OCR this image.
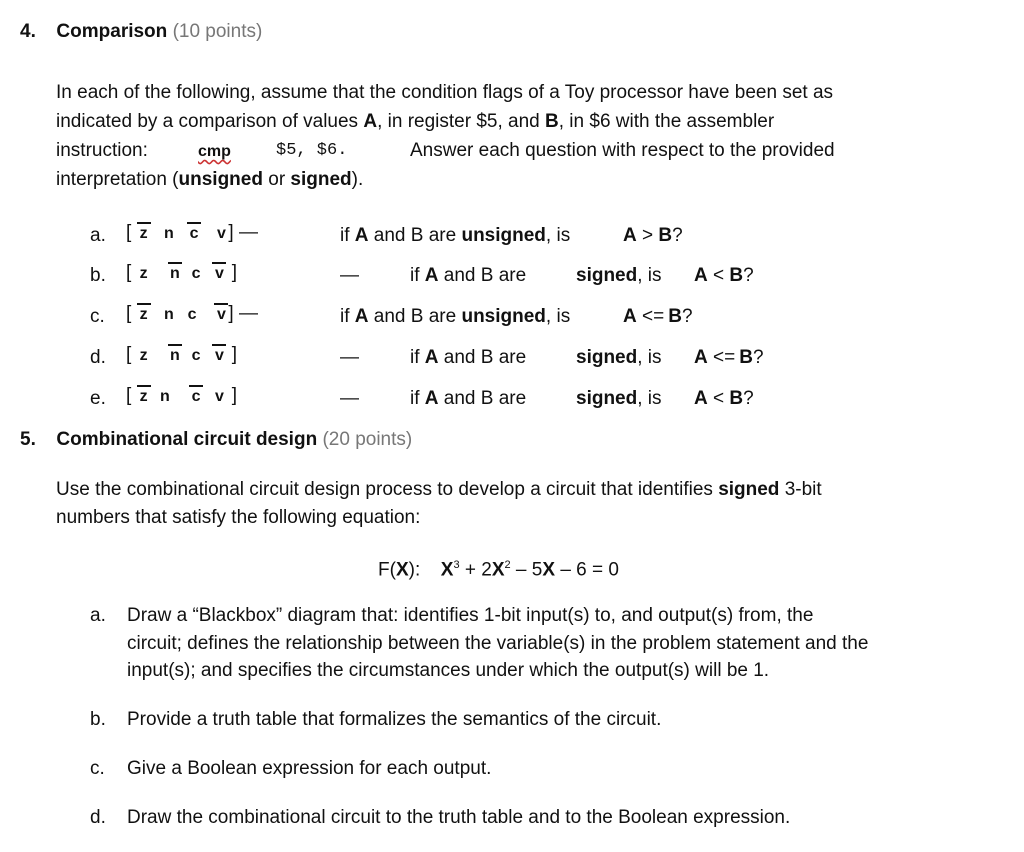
4. Comparison (10 points)
In each of the following, assume that the condition flags of a Toy processor have been set as
indicated by a comparison of values A, in register $5, and B, in $6 with the assembler
instruction:	cmp	$5, $6.	Answer each question with respect to the provided
interpretation (unsigned or signed).
a. [ z n c v ] —	if A and B are unsigned, is	A > B?
b. [ z n c v ]	—	if A and B are	signed, is A < B?
c. [ z n c v ] —	if A and B are unsigned, is	A <= B?
d. [ z n c v ]	—	if A and B are	signed, is A <= B?
e. [ z n c v ]	—	if A and B are	signed, is A < B?
5. Combinational circuit design (20 points)
Use the combinational circuit design process to develop a circuit that identifies signed 3-bit
numbers that satisfy the following equation:
F(X): $X^3 + 2X^2 - 5X - 6 = 0$
a. Draw a “Blackbox” diagram that: identifies 1-bit input(s) to, and output(s) from, the
circuit; defines the relationship between the variable(s) in the problem statement and the
input(s); and specifies the circumstances under which the output(s) will be 1.
b. Provide a truth table that formalizes the semantics of the circuit.
c. Give a Boolean expression for each output.
d. Draw the combinational circuit to the truth table and to the Boolean expression.
